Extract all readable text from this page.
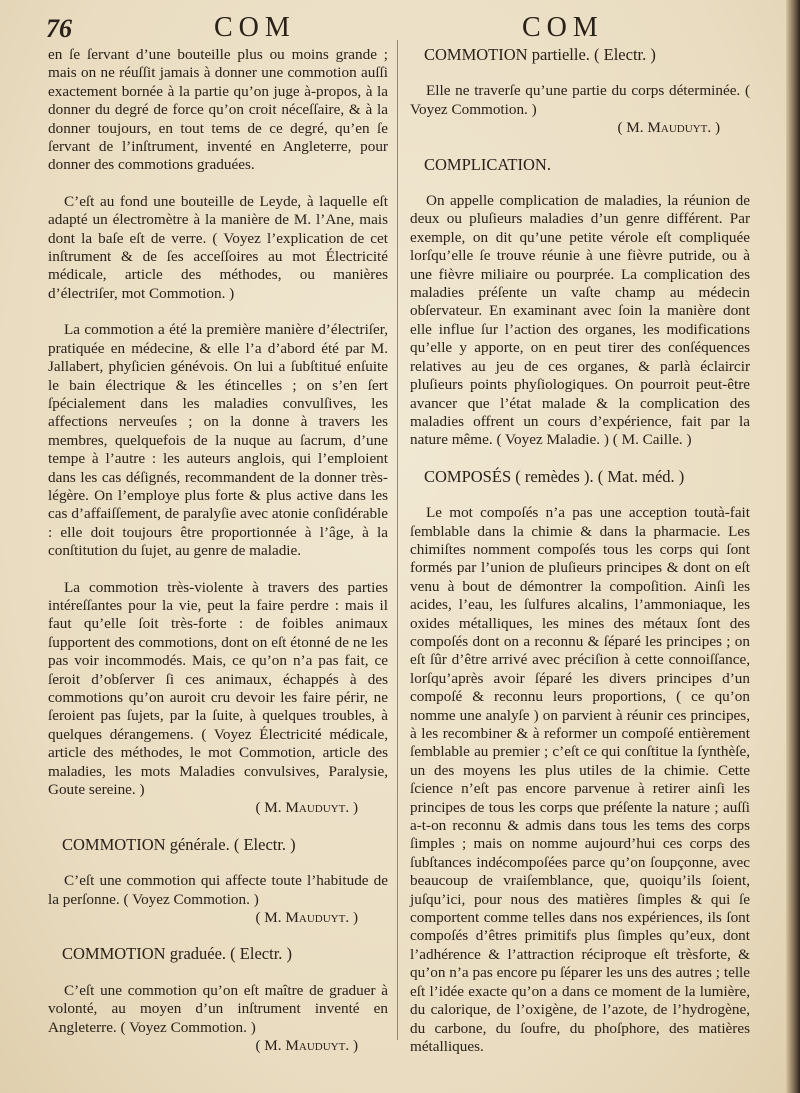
76	COM	COM

en ſe ſervant d’une bouteille plus ou moins grande ; mais on ne réuſſit jamais à donner une commotion auſſi exactement bornée à la partie qu’on juge à-propos, à la donner du degré de force qu’on croit néceſſaire, & à la donner toujours, en tout tems de ce degré, qu’en ſe ſervant de l’inſtrument, inventé en Angleterre, pour donner des commotions graduées.

C’eſt au fond une bouteille de Leyde, à laquelle eſt adapté un électromètre à la manière de M. l’Ane, mais dont la baſe eſt de verre. ( Voyez l’explication de cet inſtrument & de ſes acceſſoires au mot Électricité médicale, article des méthodes, ou manières d’électriſer, mot Commotion. )

La commotion a été la première manière d’électriſer, pratiquée en médecine, & elle l’a d’abord été par M. Jallabert, phyſicien génévois. On lui a ſubſtitué enſuite le bain électrique & les étincelles ; on s’en ſert ſpécialement dans les maladies convulſives, les affections nerveuſes ; on la donne à travers les membres, quelquefois de la nuque au ſacrum, d’une tempe à l’autre : les auteurs anglois, qui l’emploient dans les cas déſignés, recommandent de la donner très-légère. On l’employe plus forte & plus active dans les cas d’affaiſſement, de paralyſie avec atonie conſidérable : elle doit toujours être proportionnée à l’âge, à la conſtitution du ſujet, au genre de maladie.

La commotion très-violente à travers des parties intéreſſantes pour la vie, peut la faire perdre : mais il faut qu’elle ſoit très-forte : de foibles animaux ſupportent des commotions, dont on eſt étonné de ne les pas voir incommodés. Mais, ce qu’on n’a pas fait, ce ſeroit d’obſerver ſi ces animaux, échappés à des commotions qu’on auroit cru devoir les faire périr, ne ſeroient pas ſujets, par la ſuite, à quelques troubles, à quelques dérangemens. ( Voyez Électricité médicale, article des méthodes, le mot Commotion, article des maladies, les mots Maladies convulsives, Paralysie, Goute sereine. )

( M. Mauduyt. )

COMMOTION générale. ( Electr. )

C’eſt une commotion qui affecte toute l’habitude de la perſonne. ( Voyez Commotion. )

( M. Mauduyt. )

COMMOTION graduée. ( Electr. )

C’eſt une commotion qu’on eſt maître de graduer à volonté, au moyen d’un inſtrument inventé en Angleterre. ( Voyez Commotion. )

( M. Mauduyt. )

COMMOTION partielle. ( Electr. )

Elle ne traverſe qu’une partie du corps déterminée. ( Voyez Commotion. )

( M. Mauduyt. )

COMPLICATION.

On appelle complication de maladies, la réunion de deux ou pluſieurs maladies d’un genre différent. Par exemple, on dit qu’une petite vérole eſt compliquée lorſqu’elle ſe trouve réunie à une fièvre putride, ou à une fièvre miliaire ou pourprée. La complication des maladies préſente un vaſte champ au médecin obſervateur. En examinant avec ſoin la manière dont elle influe ſur l’action des organes, les modifications qu’elle y apporte, on en peut tirer des conſéquences relatives au jeu de ces organes, & parlà éclaircir pluſieurs points phyſiologiques. On pourroit peut-être avancer que l’état malade & la complication des maladies offrent un cours d’expérience, fait par la nature même. ( Voyez Maladie. ) ( M. Caille. )

COMPOSÉS ( remèdes ). ( Mat. méd. )

Le mot compoſés n’a pas une acception toutà-fait ſemblable dans la chimie & dans la pharmacie. Les chimiſtes nomment compoſés tous les corps qui ſont formés par l’union de pluſieurs principes & dont on eſt venu à bout de démontrer la compoſition. Ainſi les acides, l’eau, les ſulfures alcalins, l’ammoniaque, les oxides métalliques, les mines des métaux ſont des compoſés dont on a reconnu & ſéparé les principes ; on eſt ſûr d’être arrivé avec préciſion à cette connoiſſance, lorſqu’après avoir ſéparé les divers principes d’un compoſé & reconnu leurs proportions, ( ce qu’on nomme une analyſe ) on parvient à réunir ces principes, à les recombiner & à reformer un compoſé entièrement ſemblable au premier ; c’eſt ce qui conſtitue la ſynthèſe, un des moyens les plus utiles de la chimie. Cette ſcience n’eſt pas encore parvenue à retirer ainſi les principes de tous les corps que préſente la nature ; auſſi a-t-on reconnu & admis dans tous les tems des corps ſimples ; mais on nomme aujourd’hui ces corps des ſubſtances indécompoſées parce qu’on ſoupçonne, avec beaucoup de vraiſemblance, que, quoiqu’ils ſoient, juſqu’ici, pour nous des matières ſimples & qui ſe comportent comme telles dans nos expériences, ils ſont compoſés d’êtres primitifs plus ſimples qu’eux, dont l’adhérence & l’attraction réciproque eſt trèsforte, & qu’on n’a pas encore pu ſéparer les uns des autres ; telle eſt l’idée exacte qu’on a dans ce moment de la lumière, du calorique, de l’oxigène, de l’azote, de l’hydrogène, du carbone, du ſoufre, du phoſphore, des matières métalliques.
